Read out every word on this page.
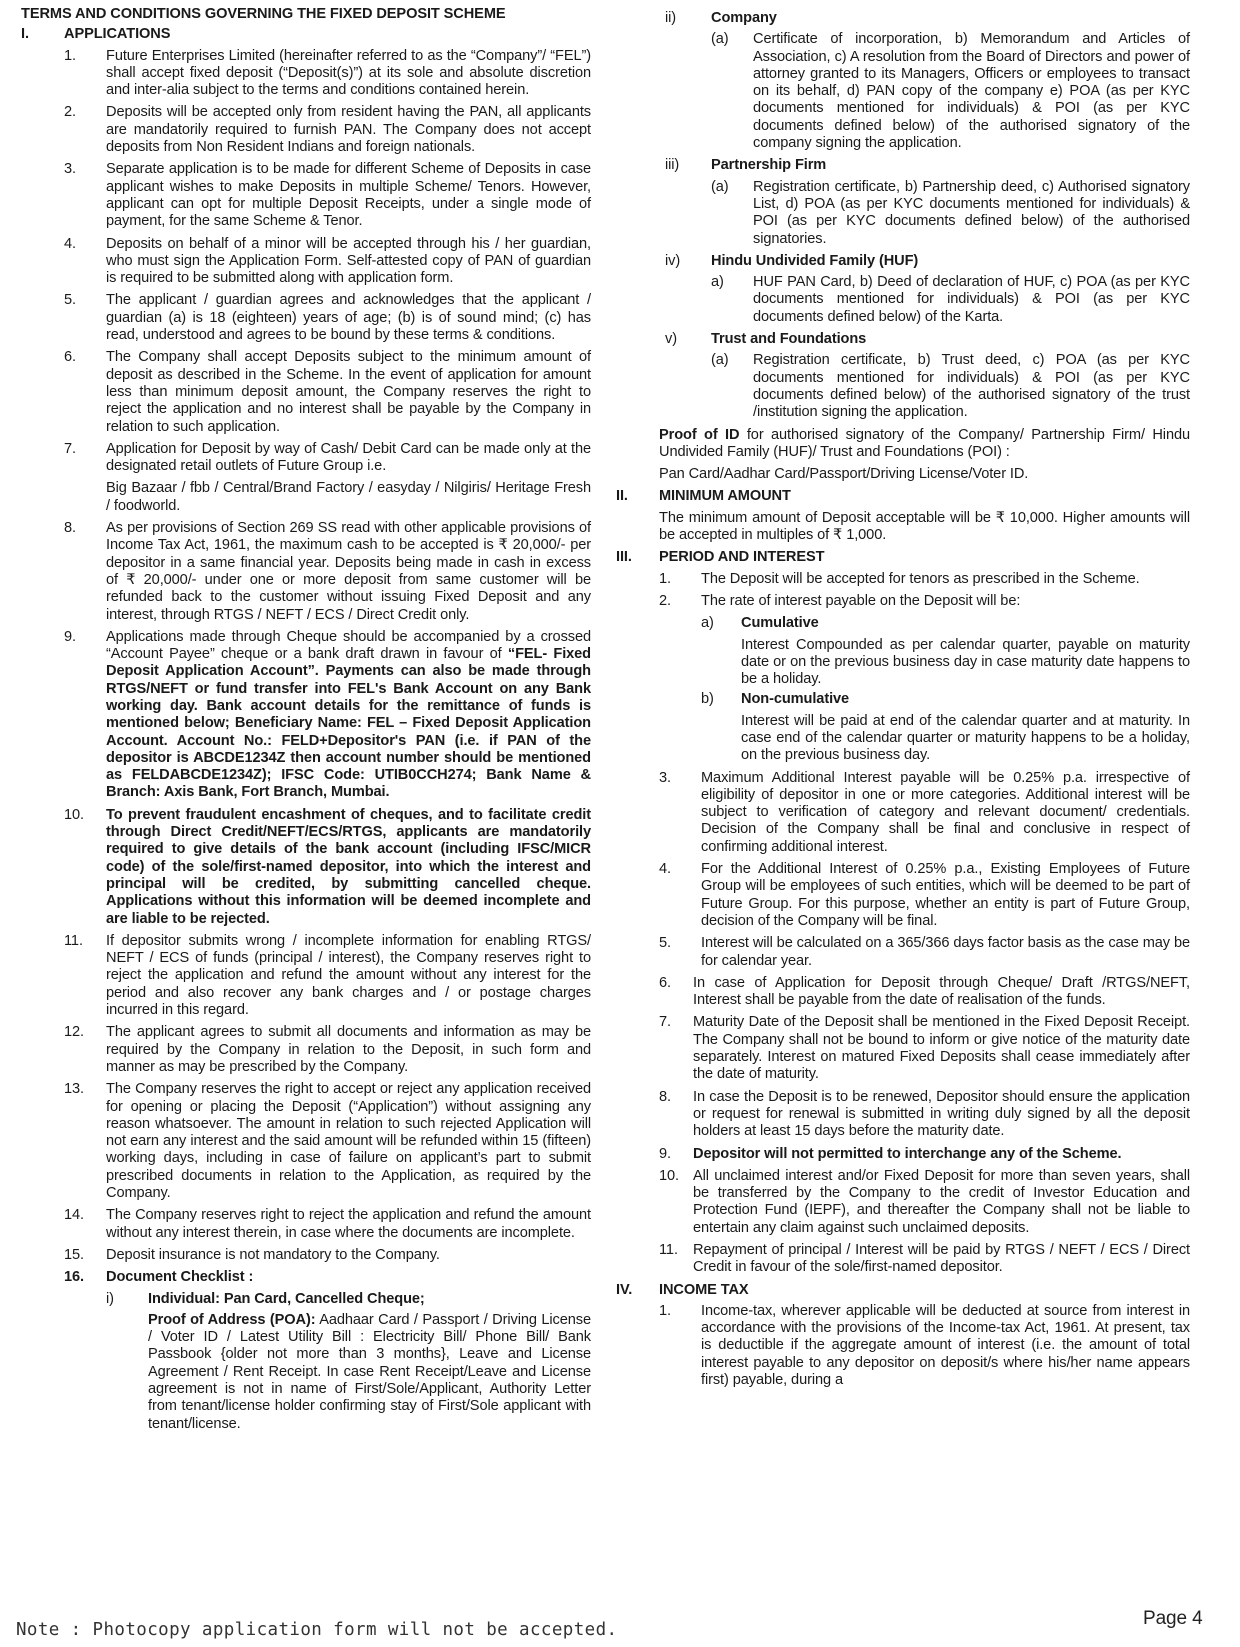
TERMS AND CONDITIONS GOVERNING THE FIXED DEPOSIT SCHEME
I.	APPLICATIONS
1.	Future Enterprises Limited (hereinafter referred to as the “Company”/ “FEL”) shall accept fixed deposit (“Deposit(s)”) at its sole and absolute discretion and inter-alia subject to the terms and conditions contained herein.
2.	Deposits will be accepted only from resident having the PAN, all applicants are mandatorily required to furnish PAN. The Company does not accept deposits from Non Resident Indians and foreign nationals.
3.	Separate application is to be made for different Scheme of Deposits in case applicant wishes to make Deposits in multiple Scheme/ Tenors. However, applicant can opt for multiple Deposit Receipts, under a single mode of payment, for the same Scheme & Tenor.
4.	Deposits on behalf of a minor will be accepted through his / her guardian, who must sign the Application Form. Self-attested copy of PAN of guardian is required to be submitted along with application form.
5.	The applicant / guardian agrees and acknowledges that the applicant / guardian (a) is 18 (eighteen) years of age; (b) is of sound mind; (c) has read, understood and agrees to be bound by these terms & conditions.
6.	The Company shall accept Deposits subject to the minimum amount of deposit as described in the Scheme. In the event of application for amount less than minimum deposit amount, the Company reserves the right to reject the application and no interest shall be payable by the Company in relation to such application.
7.	Application for Deposit by way of Cash/ Debit Card can be made only at the designated retail outlets of Future Group i.e.

Big Bazaar / fbb / Central/Brand Factory / easyday / Nilgiris/ Heritage Fresh / foodworld.

8.	As per provisions of Section 269 SS read with other applicable provisions of Income Tax Act, 1961, the maximum cash to be accepted is ₹ 20,000/- per depositor in a same financial year. Deposits being made in cash in excess of ₹ 20,000/- under one or more deposit from same customer will be refunded back to the customer without issuing Fixed Deposit and any interest, through RTGS / NEFT / ECS / Direct Credit only.
9.	Applications made through Cheque should be accompanied by a crossed “Account Payee” cheque or a bank draft drawn in favour of “FEL- Fixed Deposit Application Account”. Payments can also be made through RTGS/NEFT or fund transfer into FEL's Bank Account on any Bank working day. Bank account details for the remittance of funds is mentioned below; Beneficiary Name: FEL – Fixed Deposit Application Account. Account No.: FELD+Depositor's PAN (i.e. if PAN of the depositor is ABCDE1234Z then account number should be mentioned as FELDABCDE1234Z); IFSC Code: UTIB0CCH274; Bank Name & Branch: Axis Bank, Fort Branch, Mumbai.
10.	To prevent fraudulent encashment of cheques, and to facilitate credit through Direct Credit/NEFT/ECS/RTGS, applicants are mandatorily required to give details of the bank account (including IFSC/MICR code) of the sole/first-named depositor, into which the interest and principal will be credited, by submitting cancelled cheque. Applications without this information will be deemed incomplete and are liable to be rejected.
11.	If depositor submits wrong / incomplete information for enabling RTGS/ NEFT / ECS of funds (principal / interest), the Company reserves right to reject the application and refund the amount without any interest for the period and also recover any bank charges and / or postage charges incurred in this regard.
12.	The applicant agrees to submit all documents and information as may be required by the Company in relation to the Deposit, in such form and manner as may be prescribed by the Company.
13.	The Company reserves the right to accept or reject any application received for opening or placing the Deposit (“Application”) without assigning any reason whatsoever. The amount in relation to such rejected Application will not earn any interest and the said amount will be refunded within 15 (fifteen) working days, including in case of failure on applicant’s part to submit prescribed documents in relation to the Application, as required by the Company.
14.	The Company reserves right to reject the application and refund the amount without any interest therein, in case where the documents are incomplete.
15.	Deposit insurance is not mandatory to the Company.
16.	Document Checklist :
i)	Individual: Pan Card, Cancelled Cheque;

Proof of Address (POA): Aadhaar Card / Passport / Driving License / Voter ID / Latest Utility Bill : Electricity Bill/ Phone Bill/ Bank Passbook {older not more than 3 months}, Leave and License Agreement / Rent Receipt. In case Rent Receipt/Leave and License agreement is not in name of First/Sole/Applicant, Authority Letter from tenant/license holder confirming stay of First/Sole applicant with tenant/license.

ii)	Company
(a)	Certificate of incorporation, b) Memorandum and Articles of Association, c) A resolution from the Board of Directors and power of attorney granted to its Managers, Officers or employees to transact on its behalf, d) PAN copy of the company e) POA (as per KYC documents mentioned for individuals) & POI (as per KYC documents defined below) of the authorised signatory of the company signing the application.
iii)	Partnership Firm
(a)	Registration certificate, b) Partnership deed, c) Authorised signatory List, d) POA (as per KYC documents mentioned for individuals) & POI (as per KYC documents defined below) of the authorised signatories.
iv)	Hindu Undivided Family (HUF)
a)	HUF PAN Card, b) Deed of declaration of HUF, c) POA (as per KYC documents mentioned for individuals) & POI (as per KYC documents defined below) of the Karta.
v)	Trust and Foundations
(a)	Registration certificate, b) Trust deed, c) POA (as per KYC documents mentioned for individuals) & POI (as per KYC documents defined below) of the authorised signatory of the trust /institution signing the application.

Proof of ID for authorised signatory of the Company/ Partnership Firm/ Hindu Undivided Family (HUF)/ Trust and Foundations (POI) :

Pan Card/Aadhar Card/Passport/Driving License/Voter ID.

II.	MINIMUM AMOUNT
The minimum amount of Deposit acceptable will be ₹ 10,000. Higher amounts will be accepted in multiples of ₹ 1,000.
III.	PERIOD AND INTEREST
1.	The Deposit will be accepted for tenors as prescribed in the Scheme.
2.	The rate of interest payable on the Deposit will be:
a)	Cumulative

Interest Compounded as per calendar quarter, payable on maturity date or on the previous business day in case maturity date happens to be a holiday.

b)	Non-cumulative

Interest will be paid at end of the calendar quarter and at maturity. In case end of the calendar quarter or maturity happens to be a holiday, on the previous business day.

3.	Maximum Additional Interest payable will be 0.25% p.a. irrespective of eligibility of depositor in one or more categories. Additional interest will be subject to verification of category and relevant document/ credentials. Decision of the Company shall be final and conclusive in respect of confirming additional interest.
4.	For the Additional Interest of 0.25% p.a., Existing Employees of Future Group will be employees of such entities, which will be deemed to be part of Future Group. For this purpose, whether an entity is part of Future Group, decision of the Company will be final.
5.	Interest will be calculated on a 365/366 days factor basis as the case may be for calendar year.
6.	In case of Application for Deposit through Cheque/ Draft /RTGS/NEFT, Interest shall be payable from the date of realisation of the funds.
7.	Maturity Date of the Deposit shall be mentioned in the Fixed Deposit Receipt. The Company shall not be bound to inform or give notice of the maturity date separately. Interest on matured Fixed Deposits shall cease immediately after the date of maturity.
8.	In case the Deposit is to be renewed, Depositor should ensure the application or request for renewal is submitted in writing duly signed by all the deposit holders at least 15 days before the maturity date.
9.	Depositor will not permitted to interchange any of the Scheme.
10. All unclaimed interest and/or Fixed Deposit for more than seven years, shall be transferred by the Company to the credit of Investor Education and Protection Fund (IEPF), and thereafter the Company shall not be liable to entertain any claim against such unclaimed deposits.
11.	Repayment of principal / Interest will be paid by RTGS / NEFT / ECS / Direct Credit in favour of the sole/first-named depositor.
IV.	INCOME TAX
1.	Income-tax, wherever applicable will be deducted at source from interest in accordance with the provisions of the Income-tax Act, 1961. At present, tax is deductible if the aggregate amount of interest (i.e. the amount of total interest payable to any depositor on deposit/s where his/her name appears first) payable, during a
Page 4
Note : Photocopy application form will not be accepted.
